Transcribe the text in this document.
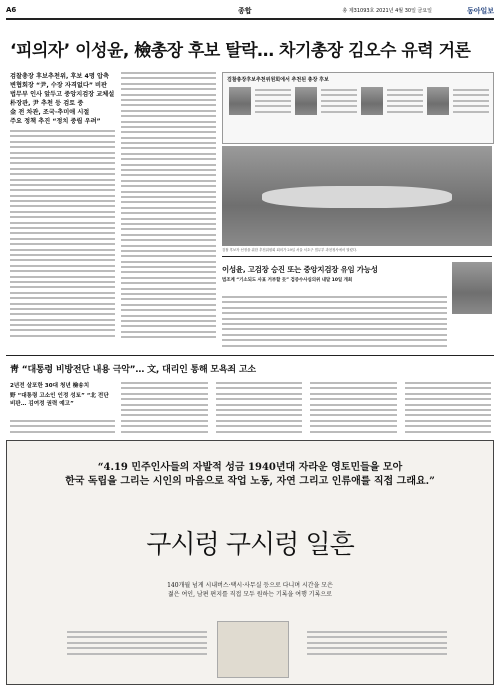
A6	종합	총 제31093호 2021년 4월 30일 금요일	동아일보
‘피의자’ 이성윤, 檢총장 후보 탈락… 차기총장 김오수 유력 거론
검찰총장 후보추천위, 후보 4명 압축
변협회장 “尹, 수장 자격없다” 비판
법무부 인사 앞두고 중앙지검장 교체설
朴장관, 尹 추천 등 검토 중
金 전 차관, 조국·추미애 시절
주요 정책 추진 “정치 중립 우려”
검찰총장후보추천위원회에서 추천된 총장 후보
검찰 후보자 선정을 위한 추천위원회 회의가 29일 서울 서초구 법무부 과천청사에서 열렸다.
이성윤, 고검장 승진 또는 중앙지검장 유임 가능성
법조계 “기소되도 사표 거부할 듯” 검증수사심의위 내달 10일 개최
靑 “대통령 비방전단 내용 극악”… 文, 대리인 통해 모욕죄 고소
2년전 살포한 30대 청년 檢송치
野 “대통령 고소인 인정 성토” “北 전단 비판… 김여정 권력 예고”
“4.19 민주인사들의 자발적 성금 1940년대 자라운 영토민들을 모아
한국 독립을 그리는 시인의 마음으로 작업 노동, 자연 그리고 인류애를 직접 그래요.”
구시렁 구시렁 일흔
140개월 넘게 시내버스·택시·사무실 등으로 다니며 시간을 모은
젊은 여인, 남편 편지를 직접 모두 원하는 기록을 여행 기록으로
